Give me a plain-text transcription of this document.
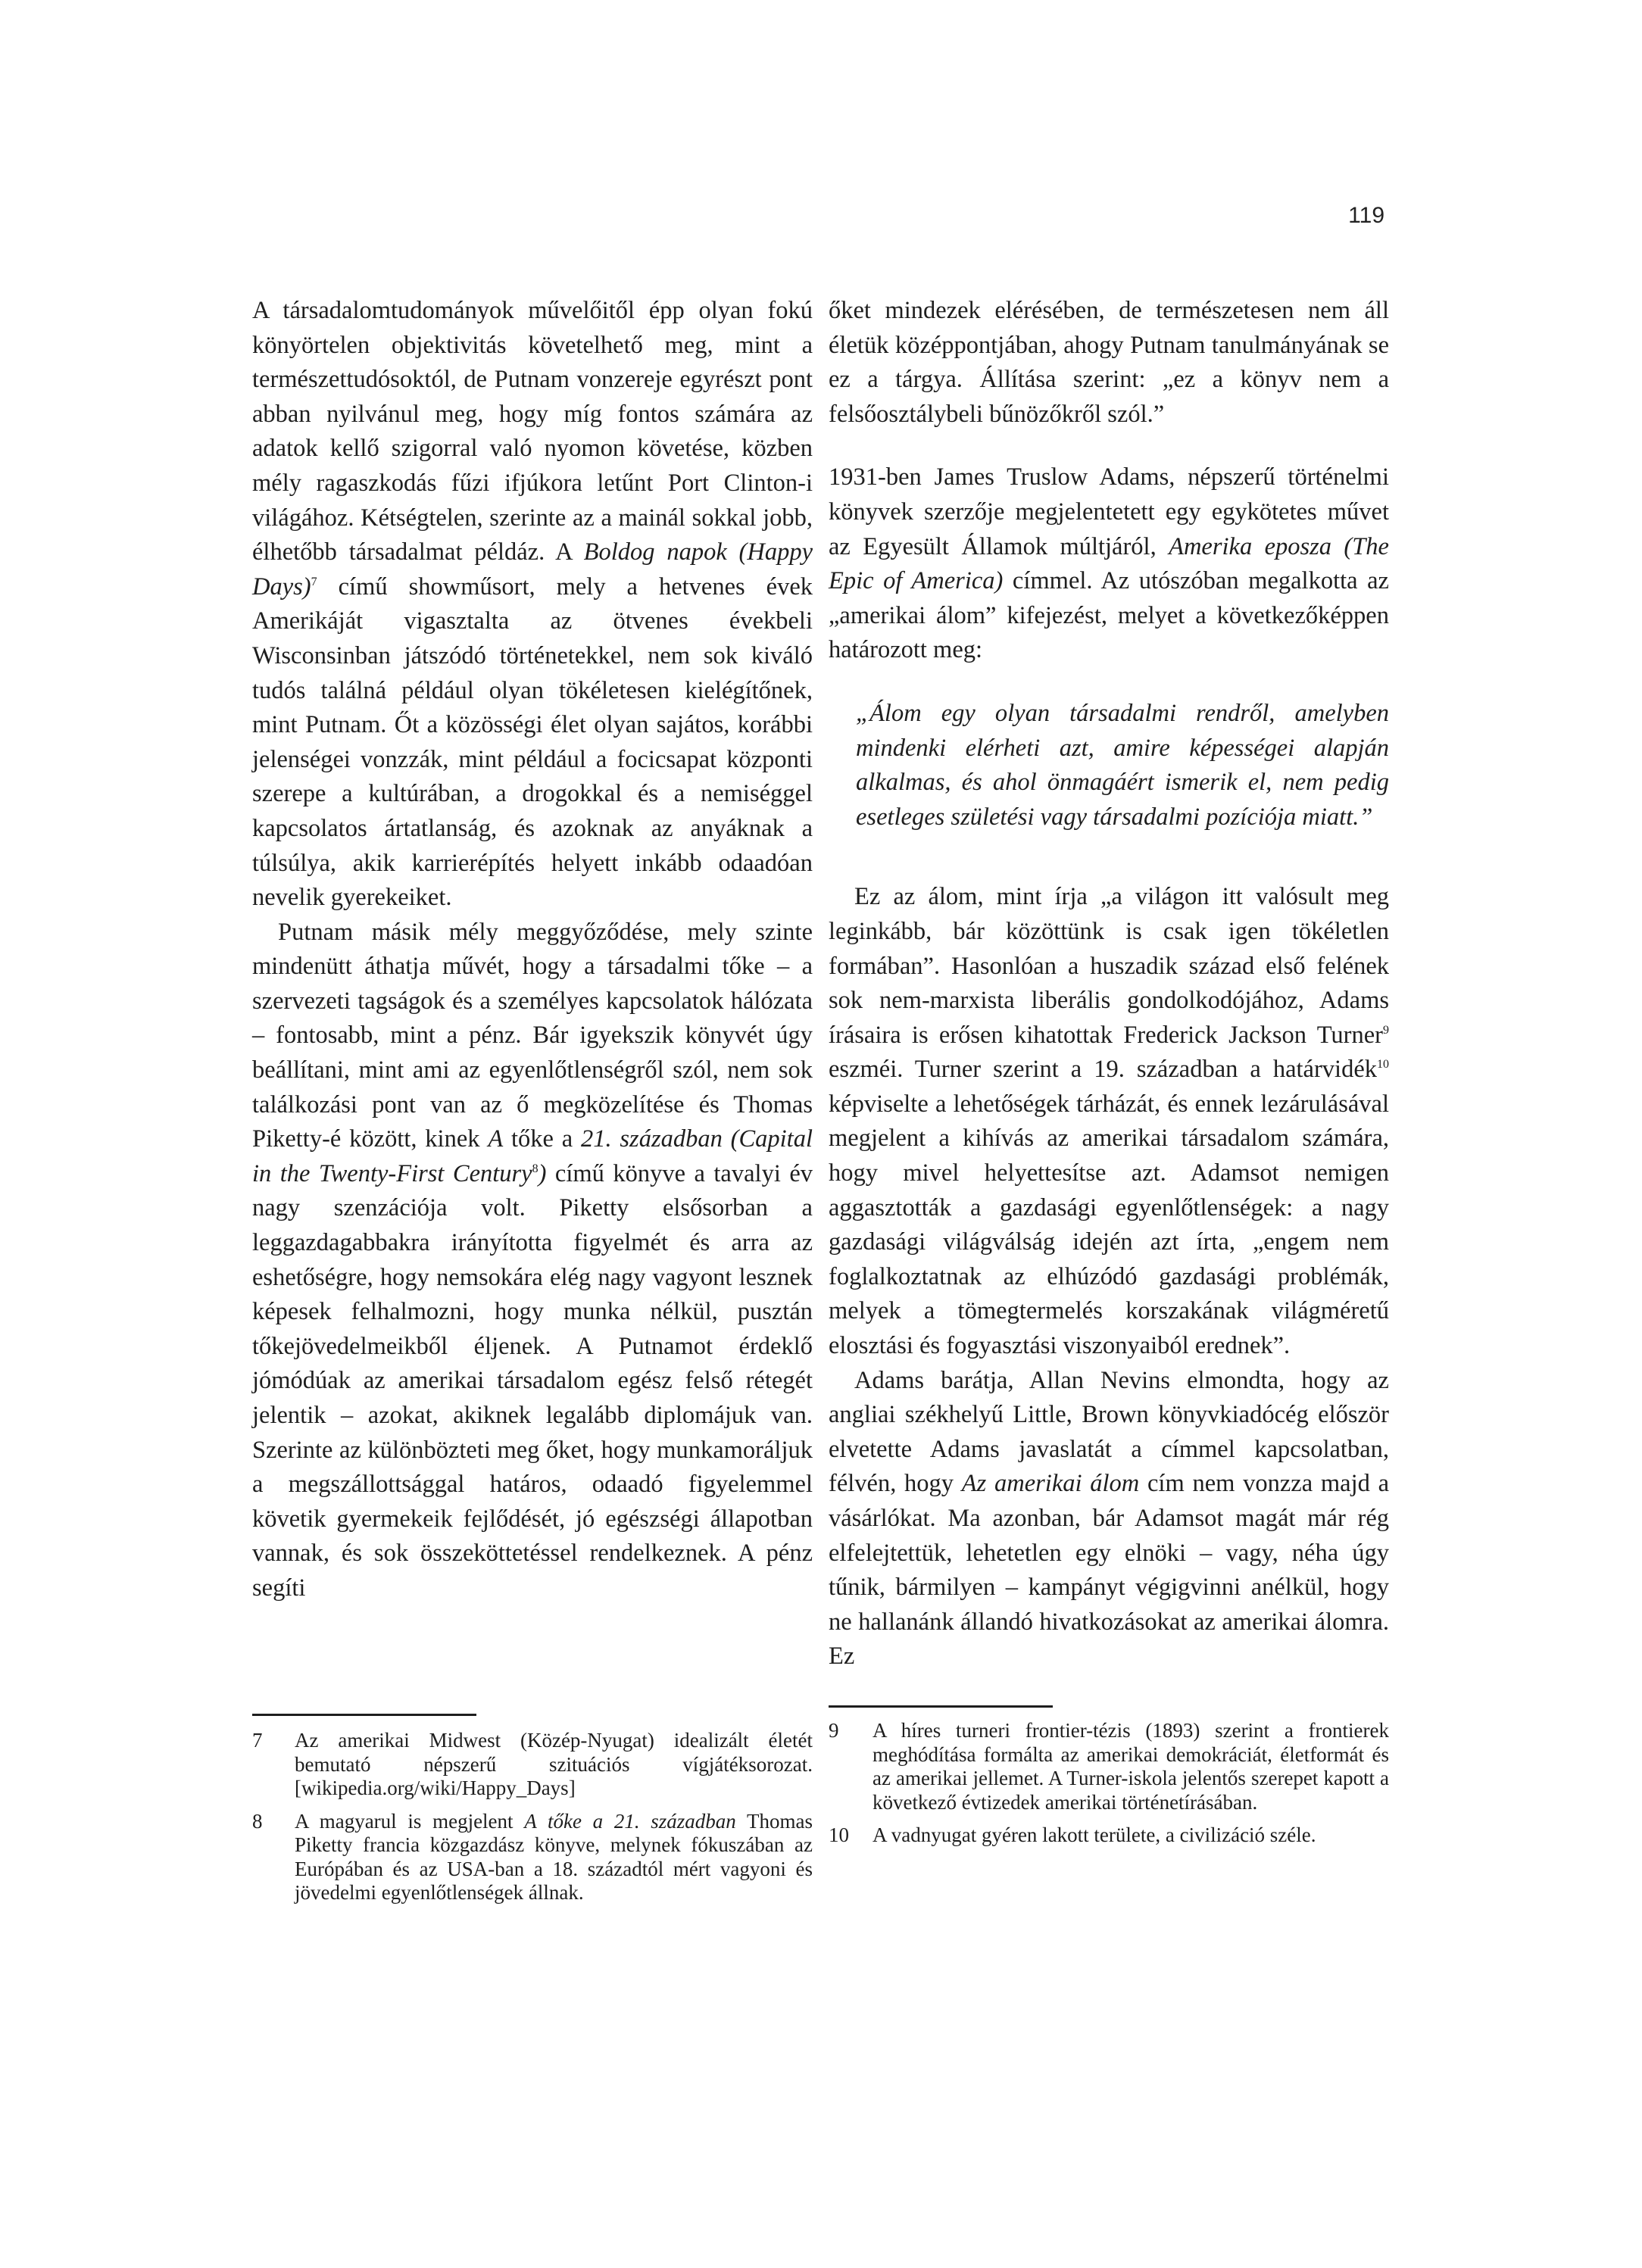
119

A társadalomtudományok művelőitől épp olyan fokú könyörtelen objektivitás követelhető meg, mint a természettudósoktól, de Putnam vonzereje egyrészt pont abban nyilvánul meg, hogy míg fontos számára az adatok kellő szigorral való nyomon követése, közben mély ragaszkodás fűzi ifjúkora letűnt Port Clinton-i világához. Kétségtelen, szerinte az a mainál sokkal jobb, élhetőbb társadalmat példáz. A Boldog napok (Happy Days)$^7$ című showműsort, mely a hetvenes évek Amerikáját vigasztalta az ötvenes évekbeli Wisconsinban játszódó történetekkel, nem sok kiváló tudós találná például olyan tökéletesen kielégítőnek, mint Putnam. Őt a közösségi élet olyan sajátos, korábbi jelenségei vonzzák, mint például a focicsapat központi szerepe a kultúrában, a drogokkal és a nemiséggel kapcsolatos ártatlanság, és azoknak az anyáknak a túlsúlya, akik karrierépítés helyett inkább odaadóan nevelik gyerekeiket.

Putnam másik mély meggyőződése, mely szinte mindenütt áthatja művét, hogy a társadalmi tőke – a szervezeti tagságok és a személyes kapcsolatok hálózata – fontosabb, mint a pénz. Bár igyekszik könyvét úgy beállítani, mint ami az egyenlőtlenségről szól, nem sok találkozási pont van az ő megközelítése és Thomas Piketty-é között, kinek A tőke a 21. században (Capital in the Twenty-First Century$^8$) című könyve a tavalyi év nagy szenzációja volt. Piketty elsősorban a leggazdagabbakra irányította figyelmét és arra az eshetőségre, hogy nemsokára elég nagy vagyont lesznek képesek felhalmozni, hogy munka nélkül, pusztán tőkejövedelmeikből éljenek. A Putnamot érdeklő jómódúak az amerikai társadalom egész felső rétegét jelentik – azokat, akiknek legalább diplomájuk van. Szerinte az különbözteti meg őket, hogy munkamoráljuk a megszállottsággal határos, odaadó figyelemmel követik gyermekeik fejlődését, jó egészségi állapotban vannak, és sok összeköttetéssel rendelkeznek. A pénz segíti

7 Az amerikai Midwest (Közép-Nyugat) idealizált életét bemutató népszerű szituációs vígjátéksorozat. [wikipedia.org/wiki/Happy_Days]
8 A magyarul is megjelent A tőke a 21. században Thomas Piketty francia közgazdász könyve, melynek fókuszában az Európában és az USA-ban a 18. századtól mért vagyoni és jövedelmi egyenlőtlenségek állnak.

őket mindezek elérésében, de természetesen nem áll életük középpontjában, ahogy Putnam tanulmányának se ez a tárgya. Állítása szerint: „ez a könyv nem a felsőosztálybeli bűnözőkről szól.”

1931-ben James Truslow Adams, népszerű történelmi könyvek szerzője megjelentetett egy egykötetes művet az Egyesült Államok múltjáról, Amerika eposza (The Epic of America) címmel. Az utószóban megalkotta az „amerikai álom” kifejezést, melyet a következőképpen határozott meg:

„Álom egy olyan társadalmi rendről, amelyben mindenki elérheti azt, amire képességei alapján alkalmas, és ahol önmagáért ismerik el, nem pedig esetleges születési vagy társadalmi pozíciója miatt.”

Ez az álom, mint írja „a világon itt valósult meg leginkább, bár közöttünk is csak igen tökéletlen formában”. Hasonlóan a huszadik század első felének sok nem-marxista liberális gondolkodójához, Adams írásaira is erősen kihatottak Frederick Jackson Turner$^9$ eszméi. Turner szerint a 19. században a határvidék$^{10}$ képviselte a lehetőségek tárházát, és ennek lezárulásával megjelent a kihívás az amerikai társadalom számára, hogy mivel helyettesítse azt. Adamsot nemigen aggasztották a gazdasági egyenlőtlenségek: a nagy gazdasági világválság idején azt írta, „engem nem foglalkoztatnak az elhúzódó gazdasági problémák, melyek a tömegtermelés korszakának világméretű elosztási és fogyasztási viszonyaiból erednek”.

Adams barátja, Allan Nevins elmondta, hogy az angliai székhelyű Little, Brown könyvkiadócég először elvetette Adams javaslatát a címmel kapcsolatban, félvén, hogy Az amerikai álom cím nem vonzza majd a vásárlókat. Ma azonban, bár Adamsot magát már rég elfelejtettük, lehetetlen egy elnöki – vagy, néha úgy tűnik, bármilyen – kampányt végigvinni anélkül, hogy ne hallanánk állandó hivatkozásokat az amerikai álomra. Ez

9 A híres turneri frontier-tézis (1893) szerint a frontierek meghódítása formálta az amerikai demokráciát, életformát és az amerikai jellemet. A Turner-iskola jelentős szerepet kapott a következő évtizedek amerikai történetírásában.
10 A vadnyugat gyéren lakott területe, a civilizáció széle.
